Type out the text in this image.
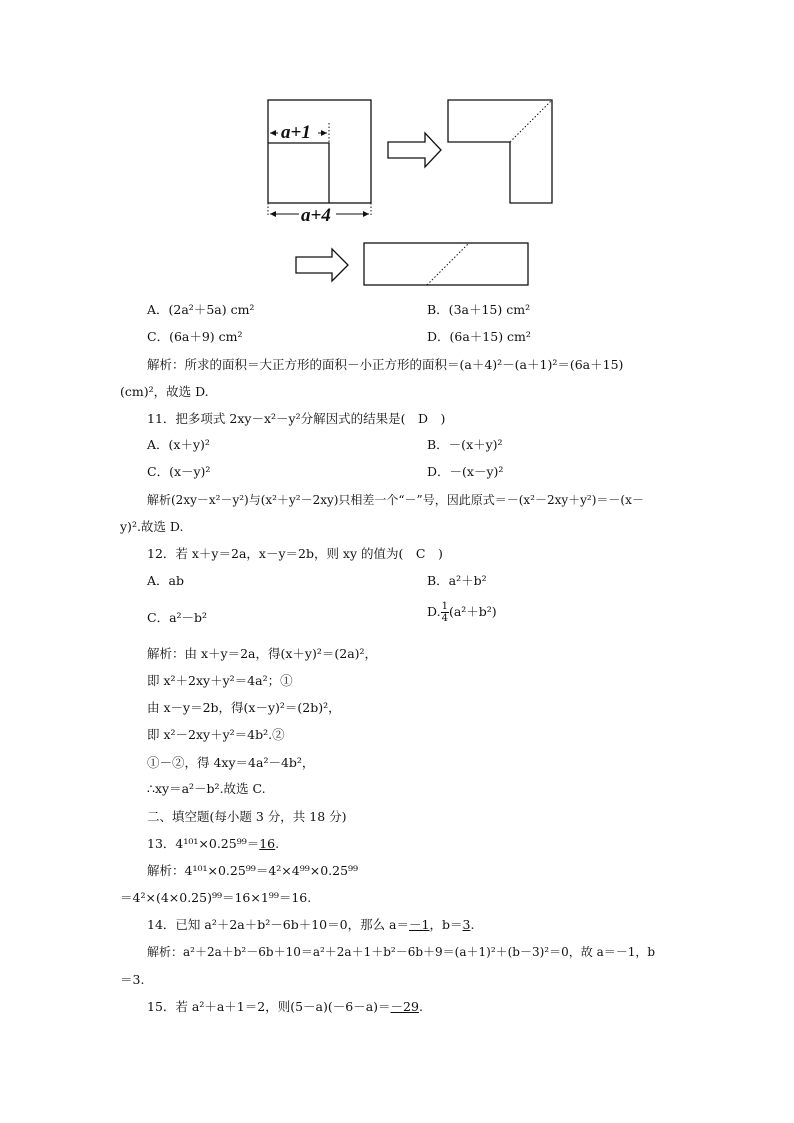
a+1
a+4
A．(2a²＋5a) cm²	B．(3a＋15) cm²
C．(6a＋9) cm²	D．(6a＋15) cm²
解析：所求的面积＝大正方形的面积－小正方形的面积＝(a＋4)²－(a＋1)²＝(6a＋15)
(cm)²，故选 D.
11．把多项式 2xy－x²－y²分解因式的结果是(　D　)
A．(x＋y)²	B．－(x＋y)²
C．(x－y)²	D．－(x－y)²
解析(2xy－x²－y²)与(x²＋y²－2xy)只相差一个“－”号，因此原式＝－(x²－2xy＋y²)＝－(x－
y)².故选 D.
12．若 x＋y＝2a，x－y＝2b，则 xy 的值为(　C　)
A．ab	B．a²＋b²
C．a²－b²	D. $\frac{1}{4} (a^2+b^2)$
解析：由 x＋y＝2a，得(x＋y)²＝(2a)²，
即 x²＋2xy＋y²＝4a²；①
由 x－y＝2b，得(x－y)²＝(2b)²，
即 x²－2xy＋y²＝4b².②
①－②，得 4xy＝4a²－4b²，
∴xy＝a²－b².故选 C.
二、填空题(每小题 3 分，共 18 分)
13．4¹⁰¹×0.25⁹⁹＝16.
解析：4¹⁰¹×0.25⁹⁹＝4²×4⁹⁹×0.25⁹⁹
＝4²×(4×0.25)⁹⁹＝16×1⁹⁹＝16.
14．已知 a²＋2a＋b²－6b＋10＝0，那么 a＝－1，b＝3.
解析：a²＋2a＋b²－6b＋10＝a²＋2a＋1＋b²－6b＋9＝(a＋1)²＋(b－3)²＝0，故 a＝－1，b
＝3.
15．若 a²＋a＋1＝2，则(5－a)(－6－a)＝－29.
